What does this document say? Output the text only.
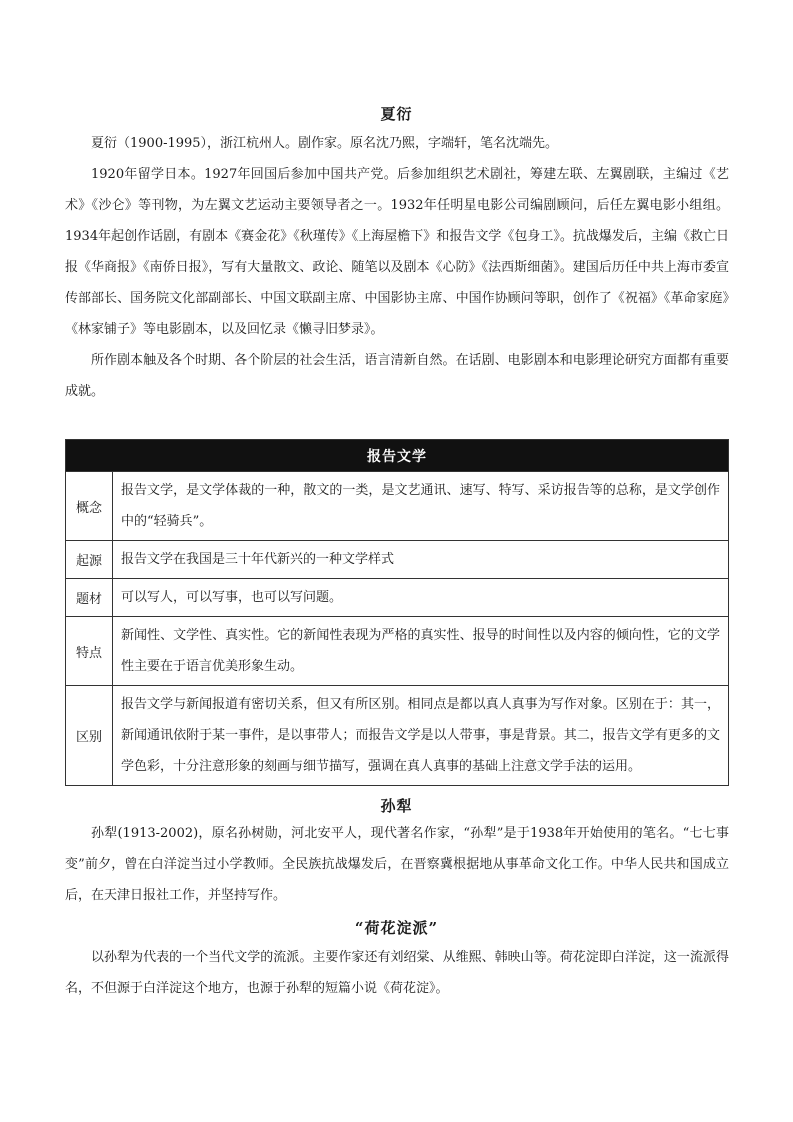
夏衍

夏衍（1900-1995），浙江杭州人。剧作家。原名沈乃熙，字端轩，笔名沈端先。

1920年留学日本。1927年回国后参加中国共产党。后参加组织艺术剧社，筹建左联、左翼剧联，主编过《艺术》《沙仑》等刊物，为左翼文艺运动主要领导者之一。1932年任明星电影公司编剧顾问，后任左翼电影小组组。1934年起创作话剧，有剧本《赛金花》《秋瑾传》《上海屋檐下》和报告文学《包身工》。抗战爆发后，主编《救亡日报《华商报》《南侨日报》，写有大量散文、政论、随笔以及剧本《心防》《法西斯细菌》。建国后历任中共上海市委宣传部部长、国务院文化部副部长、中国文联副主席、中国影协主席、中国作协顾问等职，创作了《祝福》《革命家庭》《林家铺子》等电影剧本，以及回忆录《懒寻旧梦录》。

所作剧本触及各个时期、各个阶层的社会生活，语言清新自然。在话剧、电影剧本和电影理论研究方面都有重要成就。

报告文学	
概念	报告文学，是文学体裁的一种，散文的一类，是文艺通讯、速写、特写、采访报告等的总称，是文学创作中的“轻骑兵”。
起源	报告文学在我国是三十年代新兴的一种文学样式
题材	可以写人，可以写事，也可以写问题。
特点	新闻性、文学性、真实性。它的新闻性表现为严格的真实性、报导的时间性以及内容的倾向性，它的文学性主要在于语言优美形象生动。
区别	报告文学与新闻报道有密切关系，但又有所区别。相同点是都以真人真事为写作对象。区别在于：其一，新闻通讯依附于某一事件，是以事带人；而报告文学是以人带事，事是背景。其二，报告文学有更多的文学色彩，十分注意形象的刻画与细节描写，强调在真人真事的基础上注意文学手法的运用。
孙犁

孙犁(1913-2002)，原名孙树勋，河北安平人，现代著名作家，“孙犁”是于1938年开始使用的笔名。“七七事变”前夕，曾在白洋淀当过小学教师。全民族抗战爆发后，在晋察冀根据地从事革命文化工作。中华人民共和国成立后，在天津日报社工作，并坚持写作。

“荷花淀派”

以孙犁为代表的一个当代文学的流派。主要作家还有刘绍棠、从维熙、韩映山等。荷花淀即白洋淀，这一流派得名，不但源于白洋淀这个地方，也源于孙犁的短篇小说《荷花淀》。
